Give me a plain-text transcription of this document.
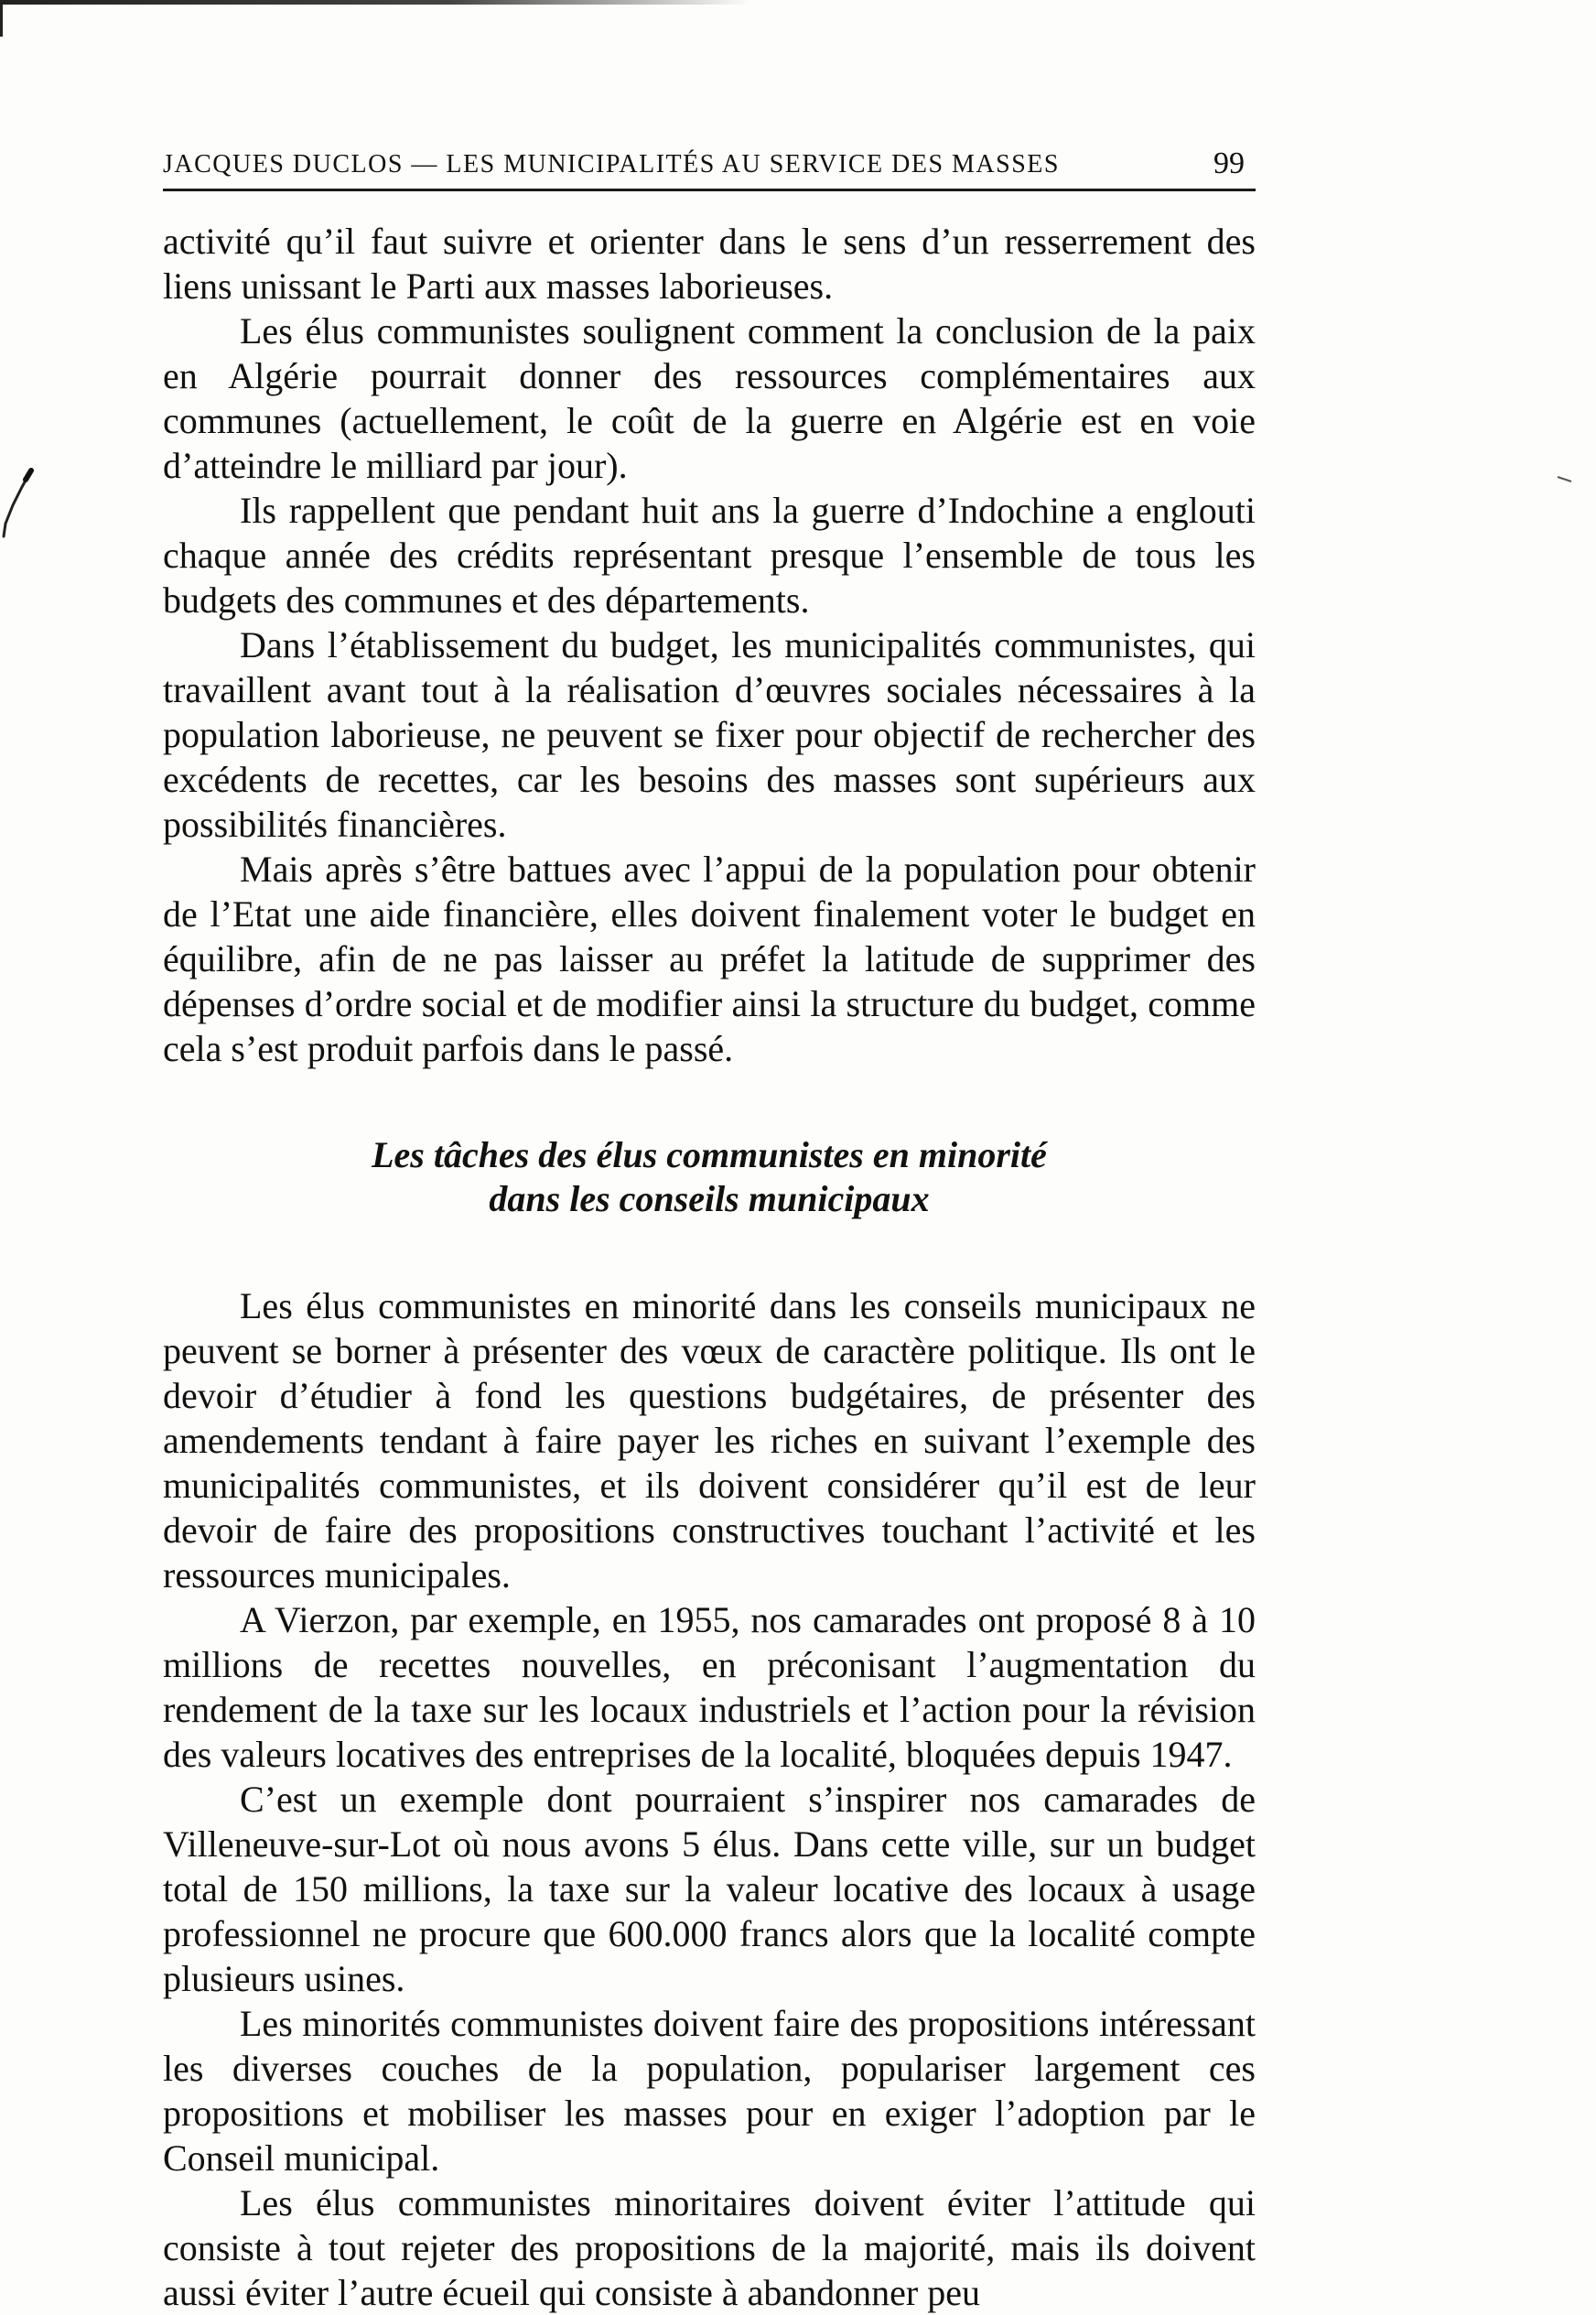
JACQUES DUCLOS — LES MUNICIPALITÉS AU SERVICE DES MASSES	99

activité qu’il faut suivre et orienter dans le sens d’un resserrement des liens unissant le Parti aux masses laborieuses.

Les élus communistes soulignent comment la conclusion de la paix en Algérie pourrait donner des ressources complémentaires aux communes (actuellement, le coût de la guerre en Algérie est en voie d’atteindre le milliard par jour).

Ils rappellent que pendant huit ans la guerre d’Indochine a englouti chaque année des crédits représentant presque l’ensemble de tous les budgets des communes et des départements.

Dans l’établissement du budget, les municipalités communistes, qui travaillent avant tout à la réalisation d’œuvres sociales nécessaires à la population laborieuse, ne peuvent se fixer pour objectif de rechercher des excédents de recettes, car les besoins des masses sont supérieurs aux possibilités financières.

Mais après s’être battues avec l’appui de la population pour obtenir de l’Etat une aide financière, elles doivent finalement voter le budget en équilibre, afin de ne pas laisser au préfet la latitude de supprimer des dépenses d’ordre social et de modifier ainsi la structure du budget, comme cela s’est produit parfois dans le passé.

Les tâches des élus communistes en minorité
dans les conseils municipaux

Les élus communistes en minorité dans les conseils municipaux ne peuvent se borner à présenter des vœux de caractère politique. Ils ont le devoir d’étudier à fond les questions budgétaires, de présenter des amendements tendant à faire payer les riches en suivant l’exemple des municipalités communistes, et ils doivent considérer qu’il est de leur devoir de faire des propositions constructives touchant l’activité et les ressources municipales.

A Vierzon, par exemple, en 1955, nos camarades ont proposé 8 à 10 millions de recettes nouvelles, en préconisant l’augmentation du rendement de la taxe sur les locaux industriels et l’action pour la révision des valeurs locatives des entreprises de la localité, bloquées depuis 1947.

C’est un exemple dont pourraient s’inspirer nos camarades de Villeneuve-sur-Lot où nous avons 5 élus. Dans cette ville, sur un budget total de 150 millions, la taxe sur la valeur locative des locaux à usage professionnel ne procure que 600.000 francs alors que la localité compte plusieurs usines.

Les minorités communistes doivent faire des propositions intéressant les diverses couches de la population, populariser largement ces propositions et mobiliser les masses pour en exiger l’adoption par le Conseil municipal.

Les élus communistes minoritaires doivent éviter l’attitude qui consiste à tout rejeter des propositions de la majorité, mais ils doivent aussi éviter l’autre écueil qui consiste à abandonner peu
